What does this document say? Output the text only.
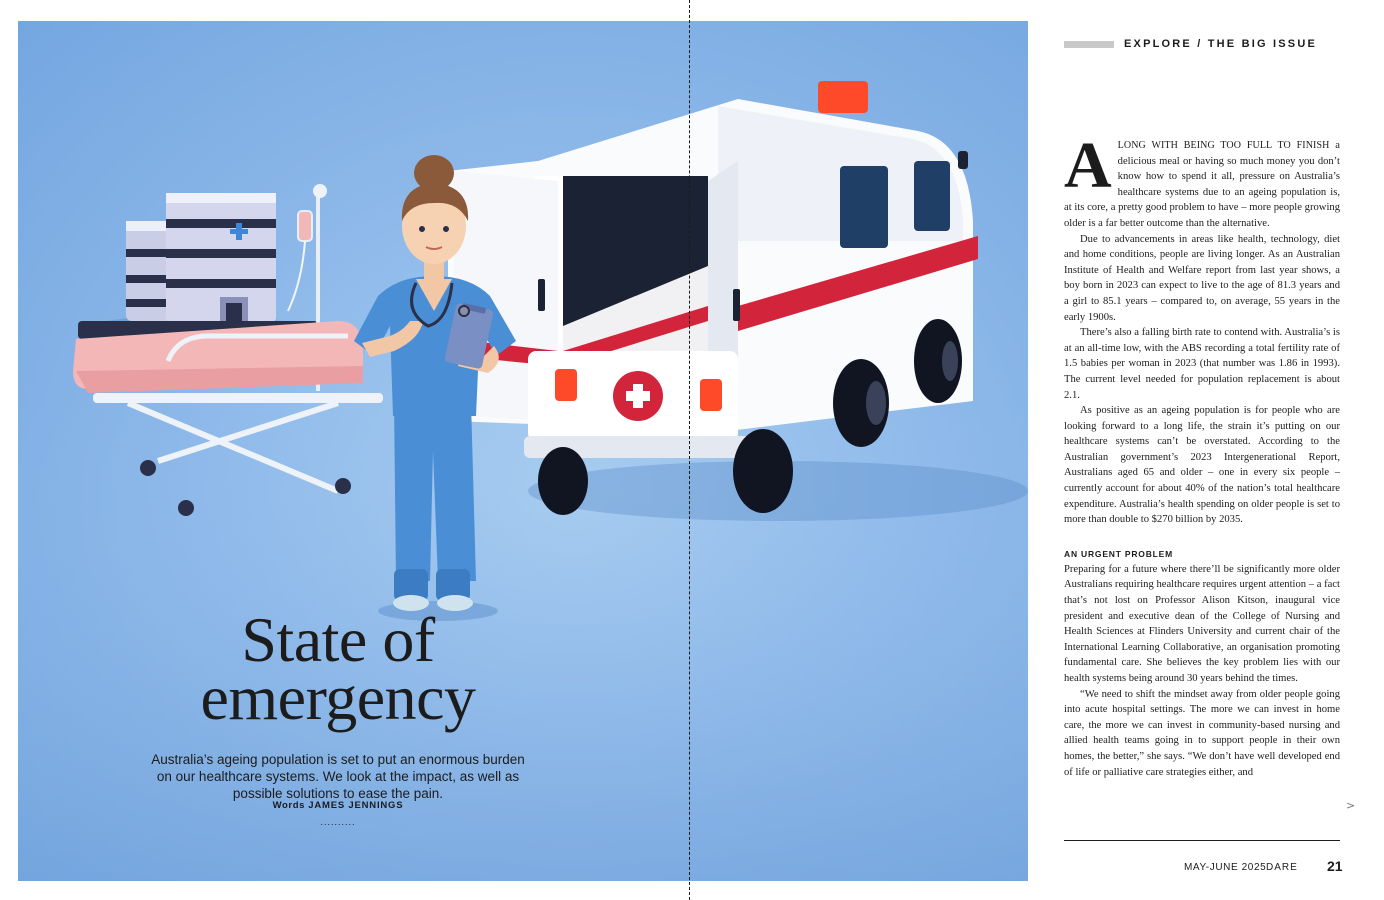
State of
emergency

Australia’s ageing population is set to put an enormous burden on our healthcare systems. We look at the impact, as well as possible solutions to ease the pain.

Words JAMES JENNINGS
..........
EXPLORE / THE BIG ISSUE

ALONG WITH BEING TOO FULL TO FINISH a delicious meal or having so much money you don’t know how to spend it all, pressure on Australia’s healthcare systems due to an ageing population is, at its core, a pretty good problem to have – more people growing older is a far better outcome than the alternative.

Due to advancements in areas like health, technology, diet and home conditions, people are living longer. As an Australian Institute of Health and Welfare report from last year shows, a boy born in 2023 can expect to live to the age of 81.3 years and a girl to 85.1 years – compared to, on average, 55 years in the early 1900s.

There’s also a falling birth rate to contend with. Australia’s is at an all-time low, with the ABS recording a total fertility rate of 1.5 babies per woman in 2023 (that number was 1.86 in 1993). The current level needed for population replacement is about 2.1.

As positive as an ageing population is for people who are looking forward to a long life, the strain it’s putting on our healthcare systems can’t be overstated. According to the Australian government’s 2023 Intergenerational Report, Australians aged 65 and older – one in every six people – currently account for about 40% of the nation’s total healthcare expenditure. Australia’s health spending on older people is set to more than double to $270 billion by 2035.

AN URGENT PROBLEM

Preparing for a future where there’ll be significantly more older Australians requiring healthcare requires urgent attention – a fact that’s not lost on Professor Alison Kitson, inaugural vice president and executive dean of the College of Nursing and Health Sciences at Flinders University and current chair of the International Learning Collaborative, an organisation promoting fundamental care. She believes the key problem lies with our health systems being around 30 years behind the times.

“We need to shift the mindset away from older people going into acute hospital settings. The more we can invest in home care, the more we can invest in community-based nursing and allied health teams going in to support people in their own homes, the better,” she says. “We don’t have well developed end of life or palliative care strategies either, and

>
MAY-JUNE 2025 DARE 21
